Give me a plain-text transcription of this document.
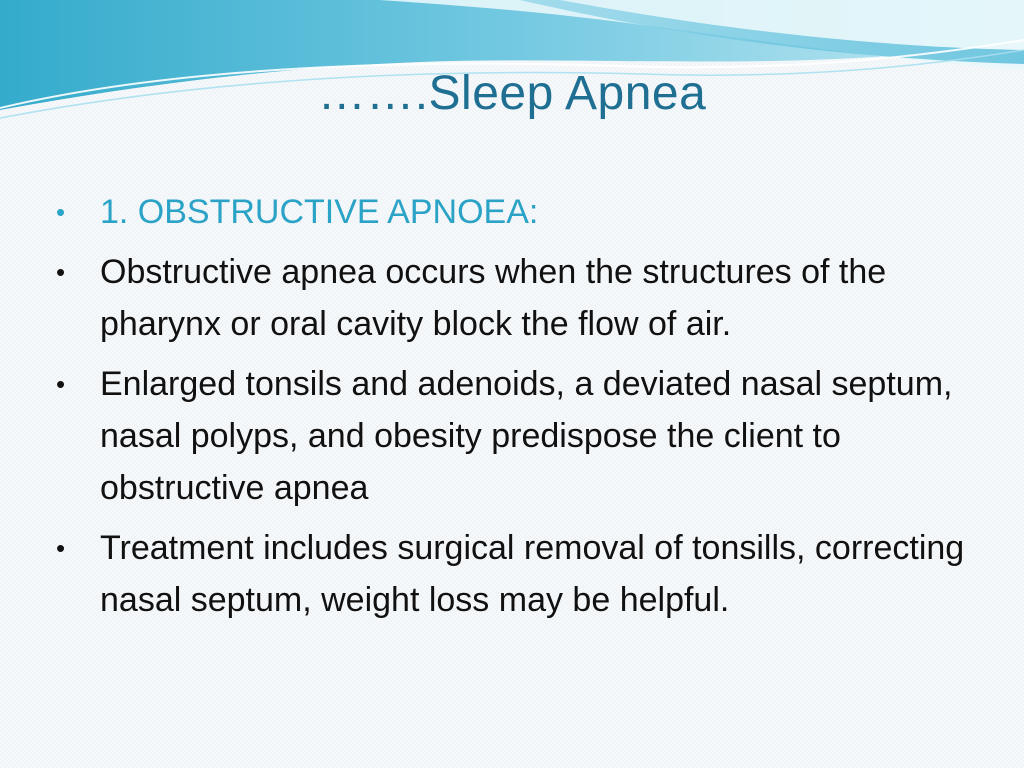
…….Sleep Apnea
•	1. OBSTRUCTIVE APNOEA:
•	Obstructive apnea occurs when the structures of the pharynx or oral cavity block the flow of air.
•	Enlarged tonsils and adenoids, a deviated nasal septum, nasal polyps, and obesity predispose the client to obstructive apnea
•	Treatment includes surgical removal of tonsills, correcting nasal septum, weight loss may be helpful.
